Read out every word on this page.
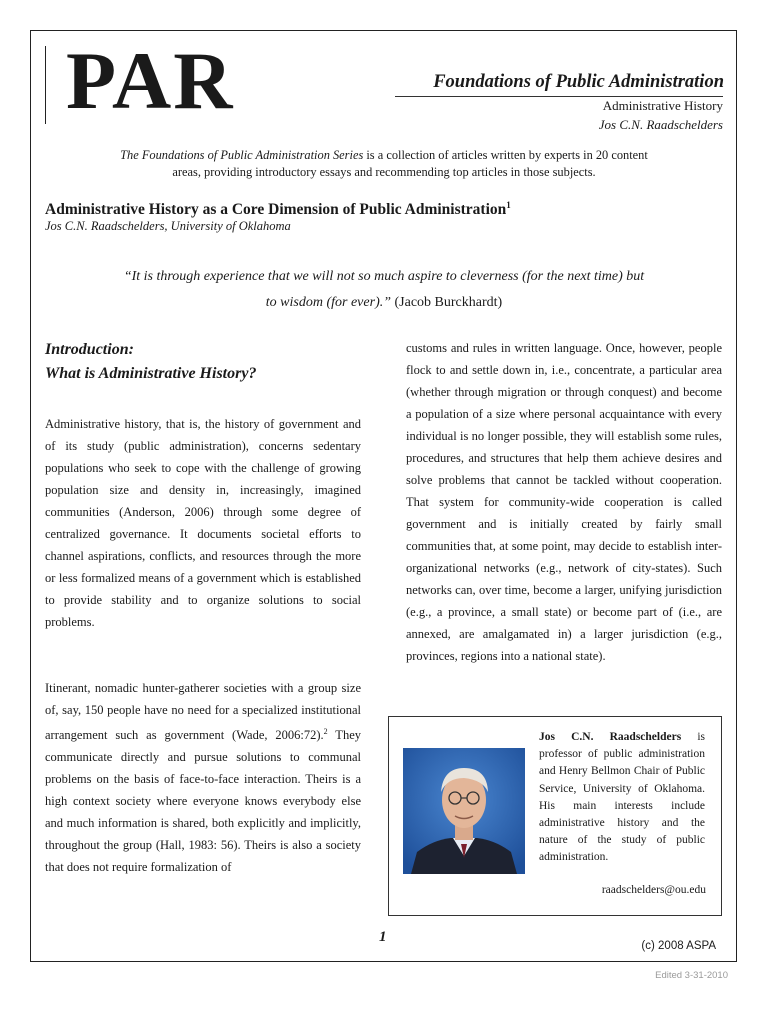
PAR	Foundations of Public Administration
Administrative History
Jos C.N. Raadschelders
The Foundations of Public Administration Series is a collection of articles written by experts in 20 content areas, providing introductory essays and recommending top articles in those subjects.
Administrative History as a Core Dimension of Public Administration$^1$
Jos C.N. Raadschelders, University of Oklahoma
“It is through experience that we will not so much aspire to cleverness (for the next time) but to wisdom (for ever).” (Jacob Burckhardt)
Introduction:
What is Administrative History?

Administrative history, that is, the history of government and of its study (public administration), concerns sedentary populations who seek to cope with the challenge of growing population size and density in, increasingly, imagined communities (Anderson, 2006) through some degree of centralized governance. It documents societal efforts to channel aspirations, conflicts, and resources through the more or less formalized means of a government which is established to provide stability and to organize solutions to social problems.

Itinerant, nomadic hunter-gatherer societies with a group size of, say, 150 people have no need for a specialized institutional arrangement such as government (Wade, 2006:72).$^2$ They communicate directly and pursue solutions to communal problems on the basis of face-to-face interaction. Theirs is a high context society where everyone knows everybody else and much information is shared, both explicitly and implicitly, throughout the group (Hall, 1983: 56). Theirs is also a society that does not require formalization of

customs and rules in written language. Once, however, people flock to and settle down in, i.e., concentrate, a particular area (whether through migration or through conquest) and become a population of a size where personal acquaintance with every individual is no longer possible, they will establish some rules, procedures, and structures that help them achieve desires and solve problems that cannot be tackled without cooperation. That system for community-wide cooperation is called government and is initially created by fairly small communities that, at some point, may decide to establish inter-organizational networks (e.g., network of city-states). Such networks can, over time, become a larger, unifying jurisdiction (e.g., a province, a small state) or become part of (i.e., are annexed, are amalgamated in) a larger jurisdiction (e.g., provinces, regions into a national state).

Jos C.N. Raadschelders is professor of public administration and Henry Bellmon Chair of Public Service, University of Oklahoma. His main interests include administrative history and the nature of the study of public administration.
raadschelders@ou.edu
1
(c) 2008 ASPA
Edited 3-31-2010
